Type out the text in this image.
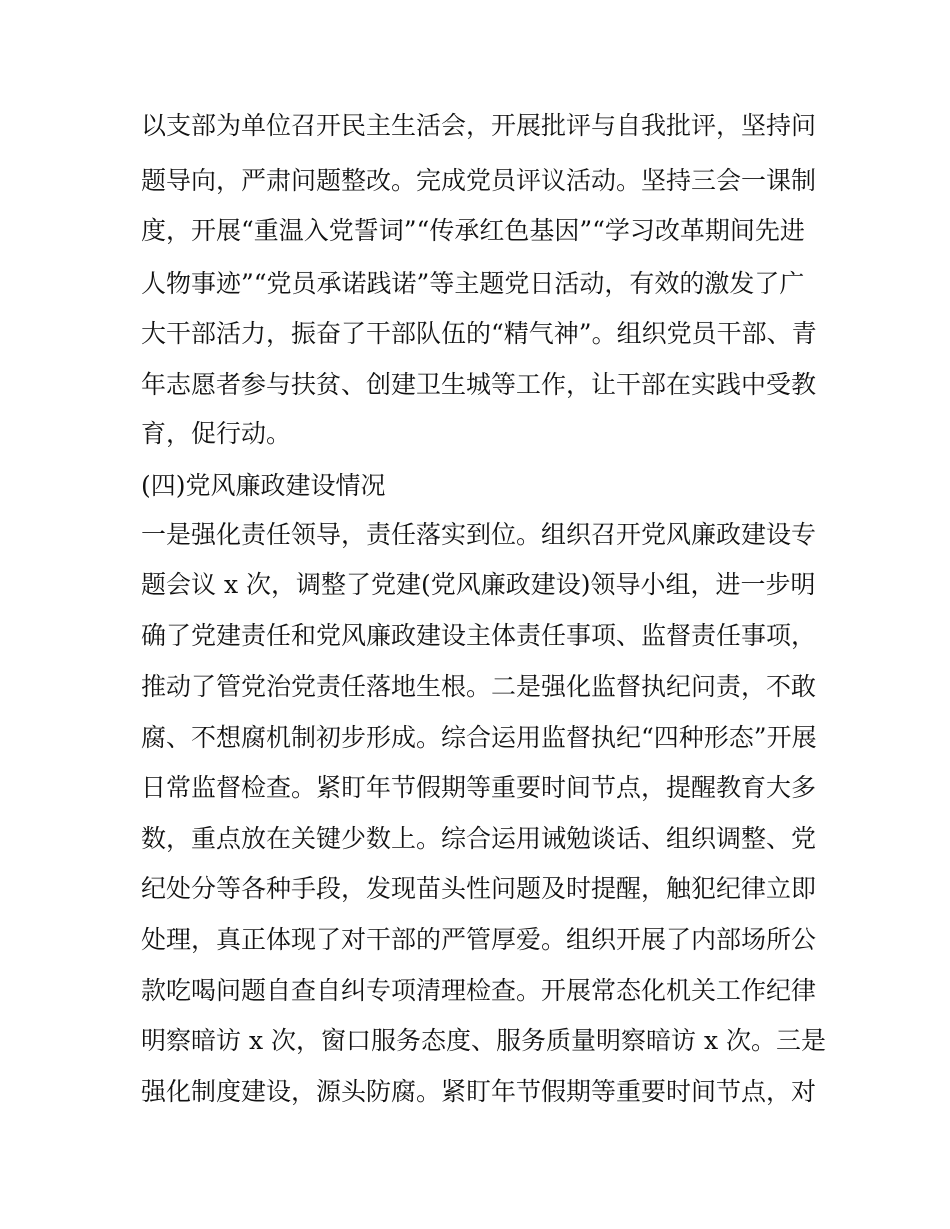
以支部为单位召开民主生活会，开展批评与自我批评，坚持问
题导向，严肃问题整改。完成党员评议活动。坚持三会一课制
度，开展“重温入党誓词”“传承红色基因”“学习改革期间先进
人物事迹”“党员承诺践诺”等主题党日活动，有效的激发了广
大干部活力，振奋了干部队伍的“精气神”。组织党员干部、青
年志愿者参与扶贫、创建卫生城等工作，让干部在实践中受教
育，促行动。
(四)党风廉政建设情况
一是强化责任领导，责任落实到位。组织召开党风廉政建设专
题会议 x 次，调整了党建(党风廉政建设)领导小组，进一步明
确了党建责任和党风廉政建设主体责任事项、监督责任事项，
推动了管党治党责任落地生根。二是强化监督执纪问责，不敢
腐、不想腐机制初步形成。综合运用监督执纪“四种形态”开展
日常监督检查。紧盯年节假期等重要时间节点，提醒教育大多
数，重点放在关键少数上。综合运用诫勉谈话、组织调整、党
纪处分等各种手段，发现苗头性问题及时提醒，触犯纪律立即
处理，真正体现了对干部的严管厚爱。组织开展了内部场所公
款吃喝问题自查自纠专项清理检查。开展常态化机关工作纪律
明察暗访 x 次，窗口服务态度、服务质量明察暗访 x 次。三是
强化制度建设，源头防腐。紧盯年节假期等重要时间节点，对
